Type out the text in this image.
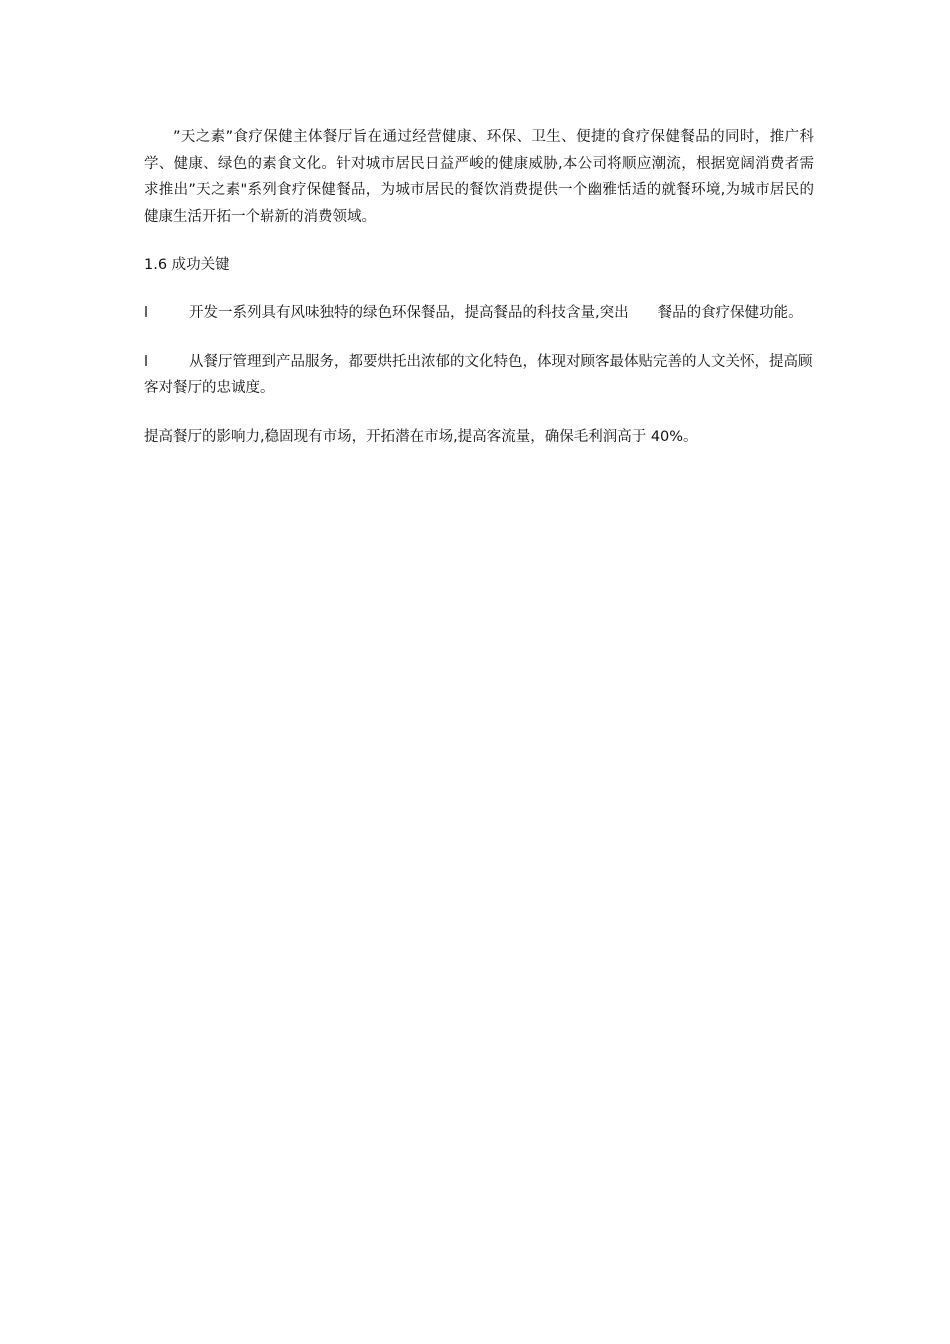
”天之素”食疗保健主体餐厅旨在通过经营健康、环保、卫生、便捷的食疗保健餐品的同时，推广科学、健康、绿色的素食文化。针对城市居民日益严峻的健康威胁,本公司将顺应潮流，根据宽阔消费者需求推出”天之素"系列食疗保健餐品，为城市居民的餐饮消费提供一个幽雅恬适的就餐环境,为城市居民的健康生活开拓一个崭新的消费领域。

1.6 成功关键

l	开发一系列具有风味独特的绿色环保餐品，提高餐品的科技含量,突出　　餐品的食疗保健功能。
l	从餐厅管理到产品服务，都要烘托出浓郁的文化特色，体现对顾客最体贴完善的人文关怀，提高顾客对餐厅的忠诚度。

提高餐厅的影响力,稳固现有市场，开拓潜在市场,提高客流量，确保毛利润高于 40%。
